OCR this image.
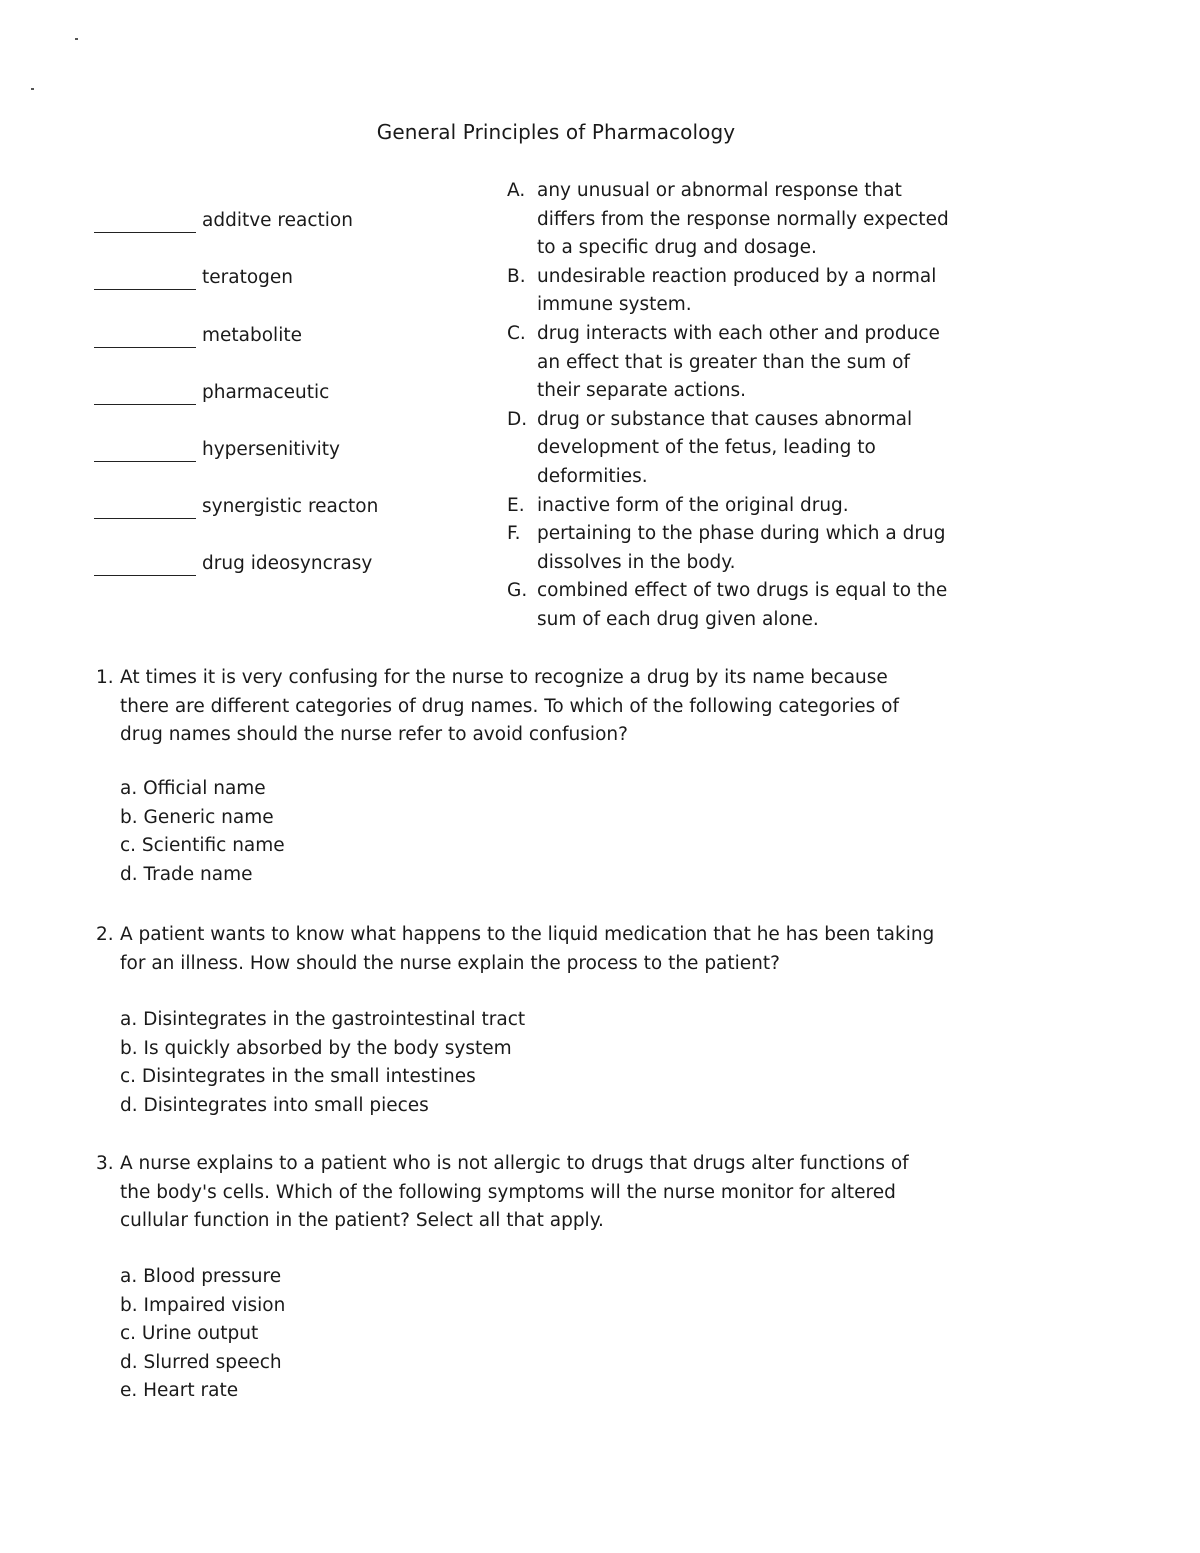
General Principles of Pharmacology
additve reaction
teratogen
metabolite
pharmaceutic
hypersenitivity
synergistic reacton
drug ideosyncrasy
A. any unusual or abnormal response that differs from the response normally expected to a specific drug and dosage.
B. undesirable reaction produced by a normal immune system.
C. drug interacts with each other and produce an effect that is greater than the sum of their separate actions.
D. drug or substance that causes abnormal development of the fetus, leading to deformities.
E. inactive form of the original drug.
F. pertaining to the phase during which a drug dissolves in the body.
G. combined effect of two drugs is equal to the sum of each drug given alone.
1. At times it is very confusing for the nurse to recognize a drug by its name because there are different categories of drug names. To which of the following categories of drug names should the nurse refer to avoid confusion?
a. Official name
b. Generic name
c. Scientific name
d. Trade name
2. A patient wants to know what happens to the liquid medication that he has been taking for an illness. How should the nurse explain the process to the patient?
a. Disintegrates in the gastrointestinal tract
b. Is quickly absorbed by the body system
c. Disintegrates in the small intestines
d. Disintegrates into small pieces
3. A nurse explains to a patient who is not allergic to drugs that drugs alter functions of the body's cells. Which of the following symptoms will the nurse monitor for altered cullular function in the patient? Select all that apply.
a. Blood pressure
b. Impaired vision
c. Urine output
d. Slurred speech
e. Heart rate
